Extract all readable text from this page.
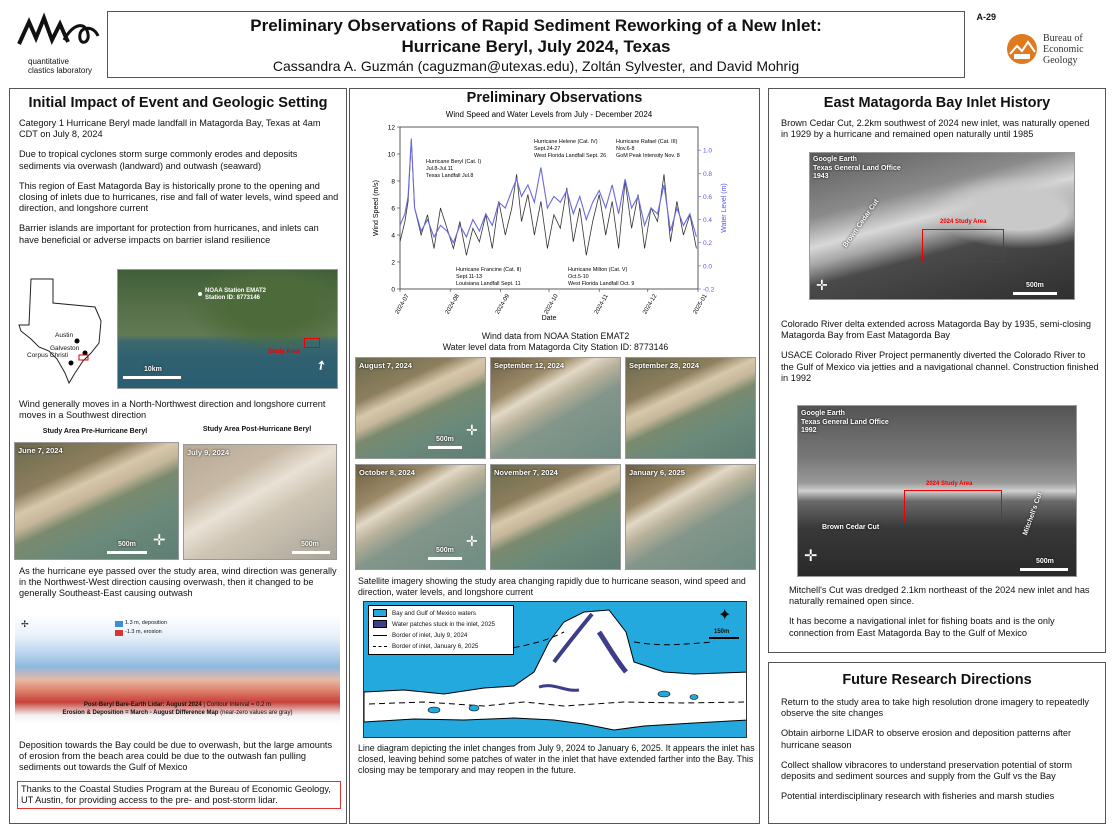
quantitative
clastics laboratory
Preliminary Observations of Rapid Sediment Reworking of a New Inlet:
Hurricane Beryl, July 2024, Texas
Cassandra A. Guzmán (caguzman@utexas.edu), Zoltán Sylvester, and David Mohrig
A-29
Bureau of
Economic
Geology
Initial Impact of Event and Geologic Setting

Category 1 Hurricane Beryl made landfall in Matagorda Bay, Texas at 4am CDT on July 8, 2024

Due to tropical cyclones storm surge commonly erodes and deposits sediments via overwash (landward) and outwash (seaward)

This region of East Matagorda Bay is historically prone to the opening and closing of inlets due to hurricanes, rise and fall of water levels, wind speed and direction, and longshore current

Barrier islands are important for protection from hurricanes, and inlets can have beneficial or adverse impacts on barrier island resilience

Austin
Galveston
Corpus Christi
NOAA Station EMAT2
Station ID: 8773146
Study Area
10km	➚

Wind generally moves in a North-Northwest direction and longshore current moves in a Southwest direction

Study Area Pre-Hurricane Beryl	Study Area Post-Hurricane Beryl
June 7, 2024
500m ✛
July 9, 2024
500m

As the hurricane eye passed over the study area, wind direction was generally in the Northwest-West direction causing overwash, then it changed to be generally Southeast-East causing outwash

1.3 m, deposition
-1.3 m, erosion
✢
Post-Beryl Bare-Earth Lidar: August 2024 | Contour Interval = 0.2 m
Erosion & Deposition = March - August Difference Map (near-zero values are gray)

Deposition towards the Bay could be due to overwash, but the large amounts of erosion from the beach area could be due to the outwash fan pulling sediments out towards the Gulf of Mexico

Thanks to the Coastal Studies Program at the Bureau of Economic Geology, UT Austin, for providing access to the pre- and post-storm lidar.
Preliminary Observations
Wind Speed and Water Levels from July - December 2024
0
2
4
6
8
10
12
-0.2
0.0
0.2
0.4
0.6
0.8
1.0
2024-07	2024-08	2024-09	2024-10	2024-11	2024-12	2025-01
Date
Wind Speed (m/s)	Water Level (m)
Hurricane Beryl (Cat. I)
Jul.8-Jul.11
Texas Landfall Jul.8
Hurricane Helene (Cat. IV)
Sept.24-27
West Florida Landfall Sept. 26
Hurricane Rafael (Cat. III)
Nov.6-8
GoM Peak Intensity Nov. 8
Hurricane Francine (Cat. II)
Sept.11-13
Louisiana Landfall Sept. 11
Hurricane Milton (Cat. V)
Oct.5-10
West Florida Landfall Oct. 9
Wind data from NOAA Station EMAT2
Water level data from Matagorda City Station ID: 8773146
August 7, 2024
500m
✛
September 12, 2024	September 28, 2024
October 8, 2024
500m
✛
November 7, 2024	January 6, 2025
Satellite imagery showing the study area changing rapidly due to hurricane season, wind speed and direction, water levels, and longshore current
Bay and Gulf of Mexico waters
Water patches stuck in the inlet, 2025
Border of inlet, July 9, 2024
Border of inlet, January 6, 2025
✦
150m
Line diagram depicting the inlet changes from July 9, 2024 to January 6, 2025. It appears the inlet has closed, leaving behind some patches of water in the inlet that have extended farther into the Bay. This closing may be temporary and may reopen in the future.
East Matagorda Bay Inlet History

Brown Cedar Cut, 2.2km southwest of 2024 new inlet, was naturally opened in 1929 by a hurricane and remained open naturally until 1985

Google Earth
Texas General Land Office
1943
2024 Study Area
Brown Cedar Cut
500m
✛

Colorado River delta extended across Matagorda Bay by 1935, semi-closing Matagorda Bay from East Matagorda Bay

USACE Colorado River Project permanently diverted the Colorado River to the Gulf of Mexico via jetties and a navigational channel. Construction finished in 1992

Google Earth
Texas General Land Office
1992
2024 Study Area
Brown Cedar Cut	Mitchell's Cut
500m
✛

Mitchell's Cut was dredged 2.1km northeast of the 2024 new inlet and has naturally remained open since.

It has become a navigational inlet for fishing boats and is the only connection from East Matagorda Bay to the Gulf of Mexico

Future Research Directions

Return to the study area to take high resolution drone imagery to repeatedly observe the site changes

Obtain airborne LIDAR to observe erosion and deposition patterns after hurricane season

Collect shallow vibracores to understand preservation potential of storm deposits and sediment sources and supply from the Gulf vs the Bay

Potential interdisciplinary research with fisheries and marsh studies
